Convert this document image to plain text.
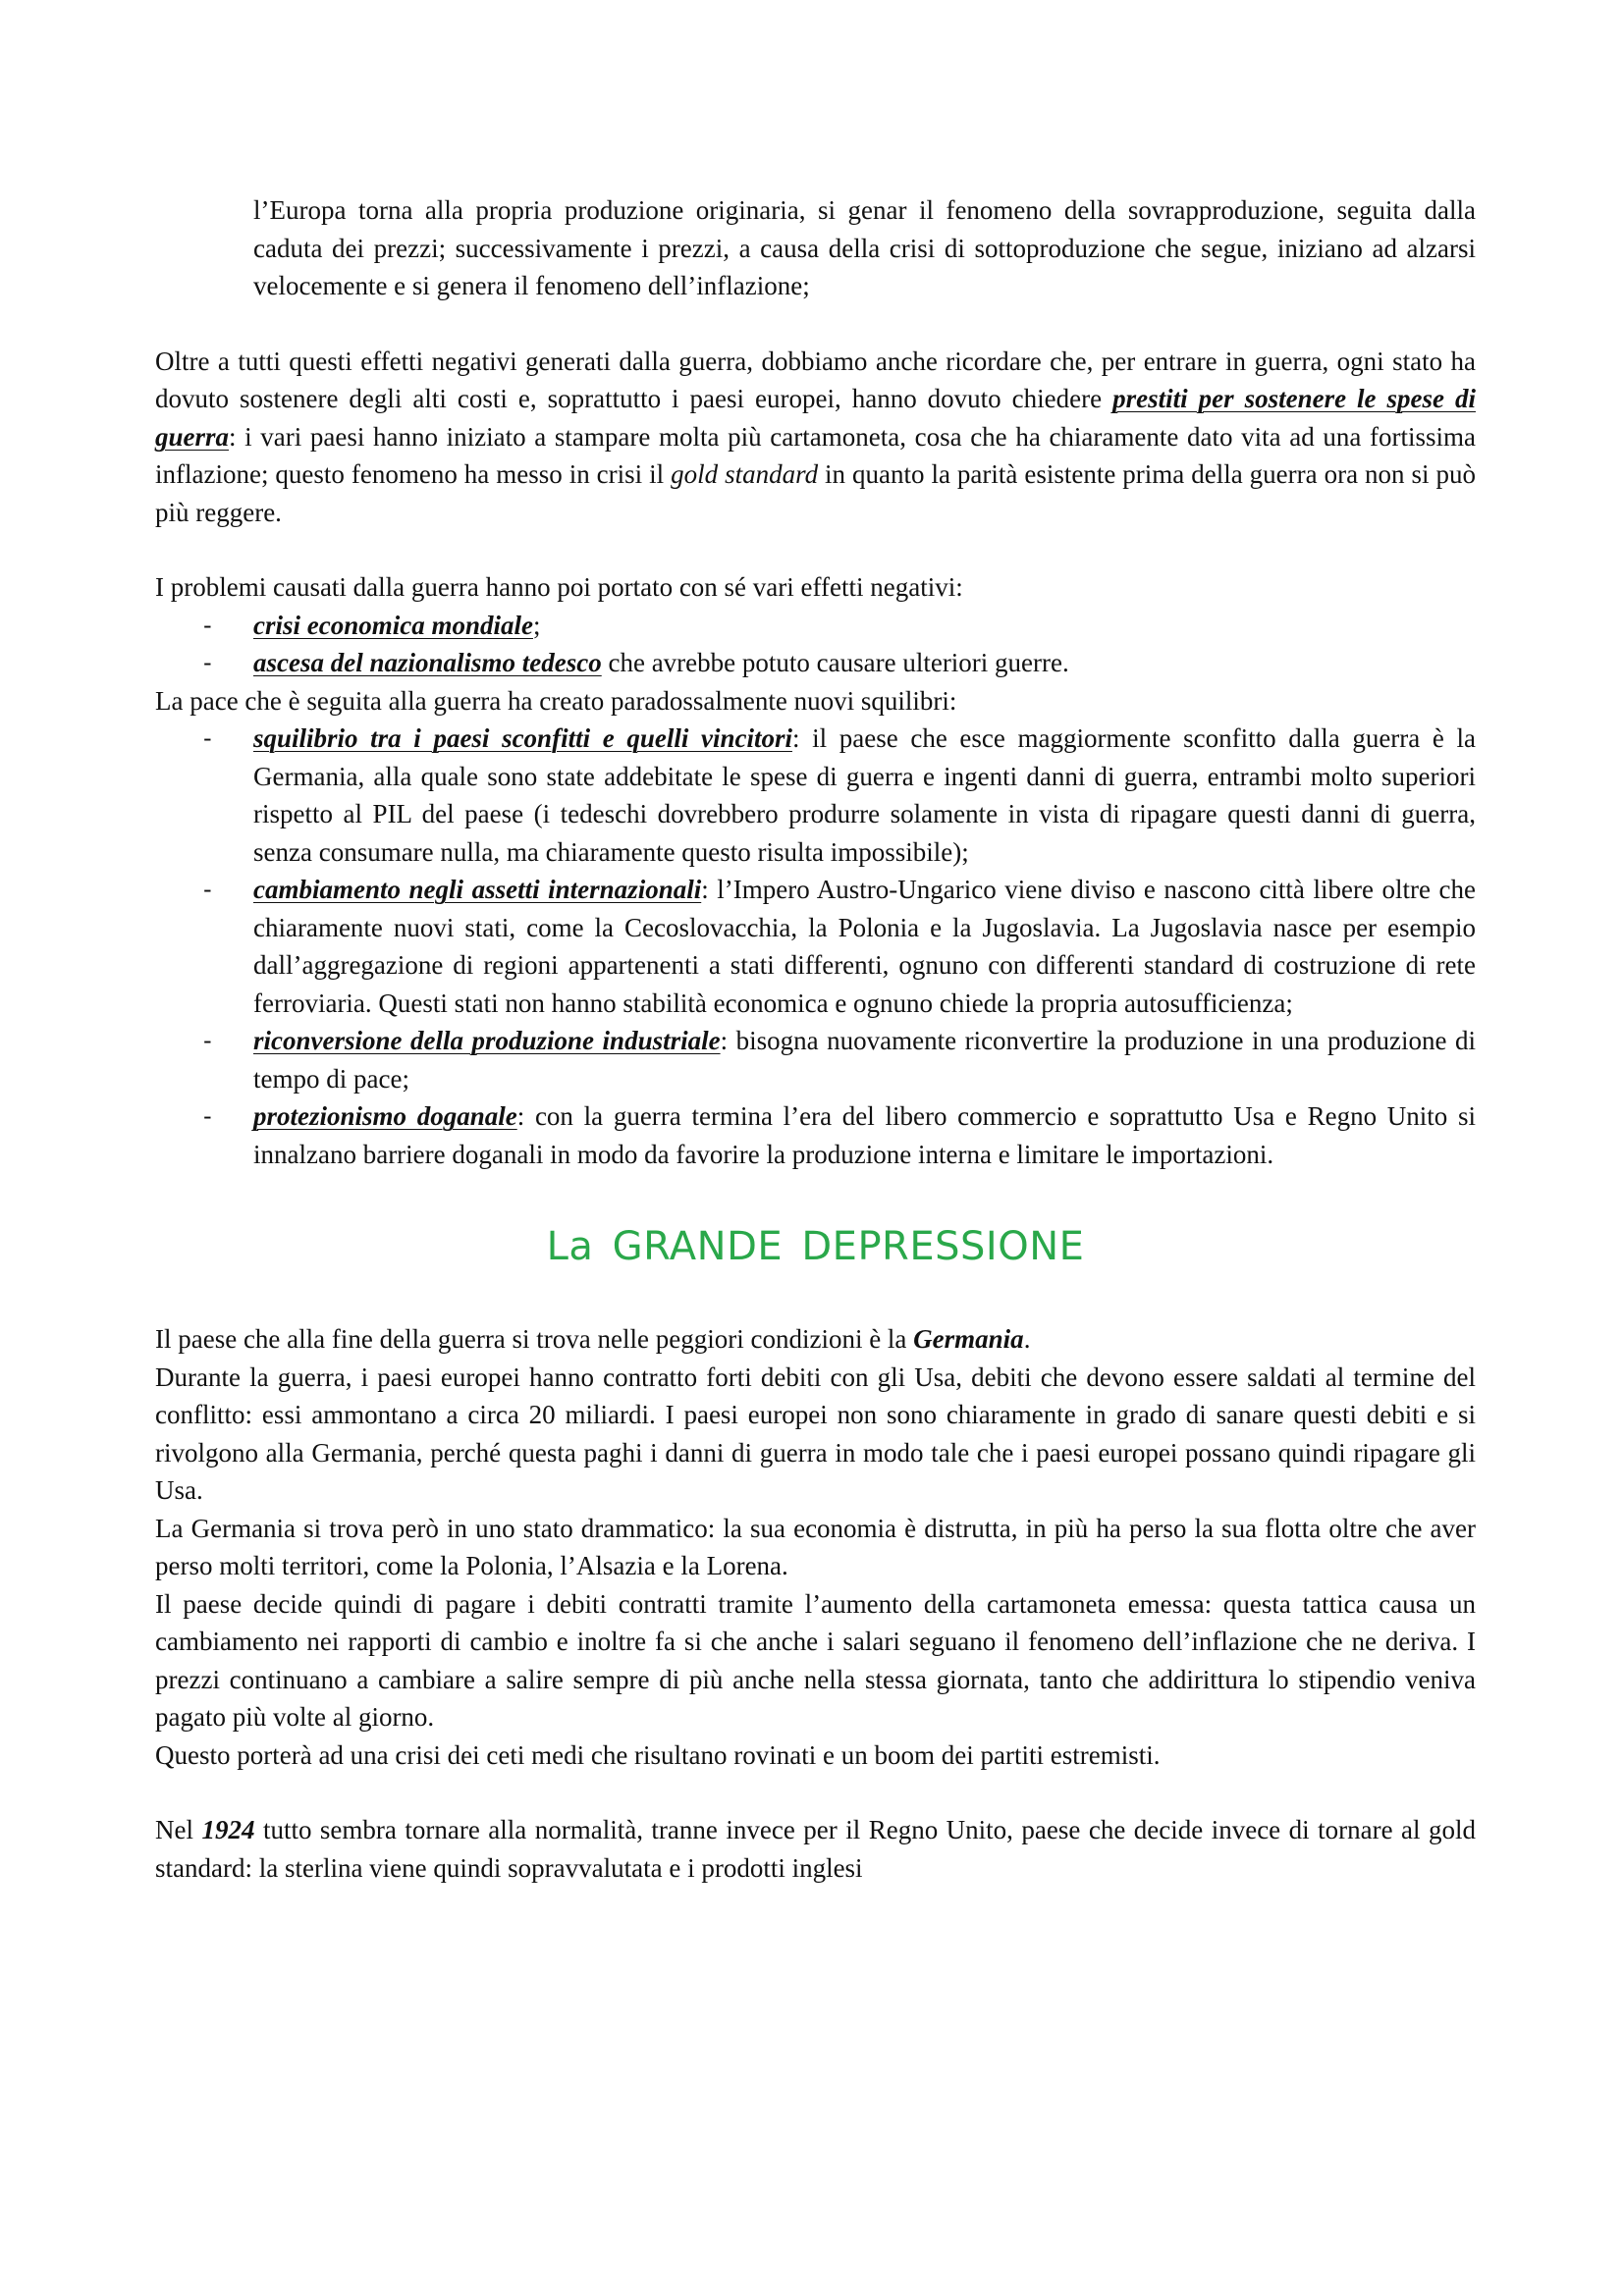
l’Europa torna alla propria produzione originaria, si genar il fenomeno della sovrapproduzione, seguita dalla caduta dei prezzi; successivamente i prezzi, a causa della crisi di sottoproduzione che segue, iniziano ad alzarsi velocemente e si genera il fenomeno dell’inflazione;

Oltre a tutti questi effetti negativi generati dalla guerra, dobbiamo anche ricordare che, per entrare in guerra, ogni stato ha dovuto sostenere degli alti costi e, soprattutto i paesi europei, hanno dovuto chiedere prestiti per sostenere le spese di guerra: i vari paesi hanno iniziato a stampare molta più cartamoneta, cosa che ha chiaramente dato vita ad una fortissima inflazione; questo fenomeno ha messo in crisi il gold standard in quanto la parità esistente prima della guerra ora non si può più reggere.

I problemi causati dalla guerra hanno poi portato con sé vari effetti negativi:

- crisi economica mondiale;
- ascesa del nazionalismo tedesco che avrebbe potuto causare ulteriori guerre.

La pace che è seguita alla guerra ha creato paradossalmente nuovi squilibri:

- squilibrio tra i paesi sconfitti e quelli vincitori: il paese che esce maggiormente sconfitto dalla guerra è la Germania, alla quale sono state addebitate le spese di guerra e ingenti danni di guerra, entrambi molto superiori rispetto al PIL del paese (i tedeschi dovrebbero produrre solamente in vista di ripagare questi danni di guerra, senza consumare nulla, ma chiaramente questo risulta impossibile);
- cambiamento negli assetti internazionali: l’Impero Austro-Ungarico viene diviso e nascono città libere oltre che chiaramente nuovi stati, come la Cecoslovacchia, la Polonia e la Jugoslavia. La Jugoslavia nasce per esempio dall’aggregazione di regioni appartenenti a stati differenti, ognuno con differenti standard di costruzione di rete ferroviaria. Questi stati non hanno stabilità economica e ognuno chiede la propria autosufficienza;
- riconversione della produzione industriale: bisogna nuovamente riconvertire la produzione in una produzione di tempo di pace;
- protezionismo doganale: con la guerra termina l’era del libero commercio e soprattutto Usa e Regno Unito si innalzano barriere doganali in modo da favorire la produzione interna e limitare le importazioni.
La GRANDE DEPRESSIONE

Il paese che alla fine della guerra si trova nelle peggiori condizioni è la Germania.

Durante la guerra, i paesi europei hanno contratto forti debiti con gli Usa, debiti che devono essere saldati al termine del conflitto: essi ammontano a circa 20 miliardi. I paesi europei non sono chiaramente in grado di sanare questi debiti e si rivolgono alla Germania, perché questa paghi i danni di guerra in modo tale che i paesi europei possano quindi ripagare gli Usa.

La Germania si trova però in uno stato drammatico: la sua economia è distrutta, in più ha perso la sua flotta oltre che aver perso molti territori, come la Polonia, l’Alsazia e la Lorena.

Il paese decide quindi di pagare i debiti contratti tramite l’aumento della cartamoneta emessa: questa tattica causa un cambiamento nei rapporti di cambio e inoltre fa si che anche i salari seguano il fenomeno dell’inflazione che ne deriva. I prezzi continuano a cambiare a salire sempre di più anche nella stessa giornata, tanto che addirittura lo stipendio veniva pagato più volte al giorno.

Questo porterà ad una crisi dei ceti medi che risultano rovinati e un boom dei partiti estremisti.

Nel 1924 tutto sembra tornare alla normalità, tranne invece per il Regno Unito, paese che decide invece di tornare al gold standard: la sterlina viene quindi sopravvalutata e i prodotti inglesi
